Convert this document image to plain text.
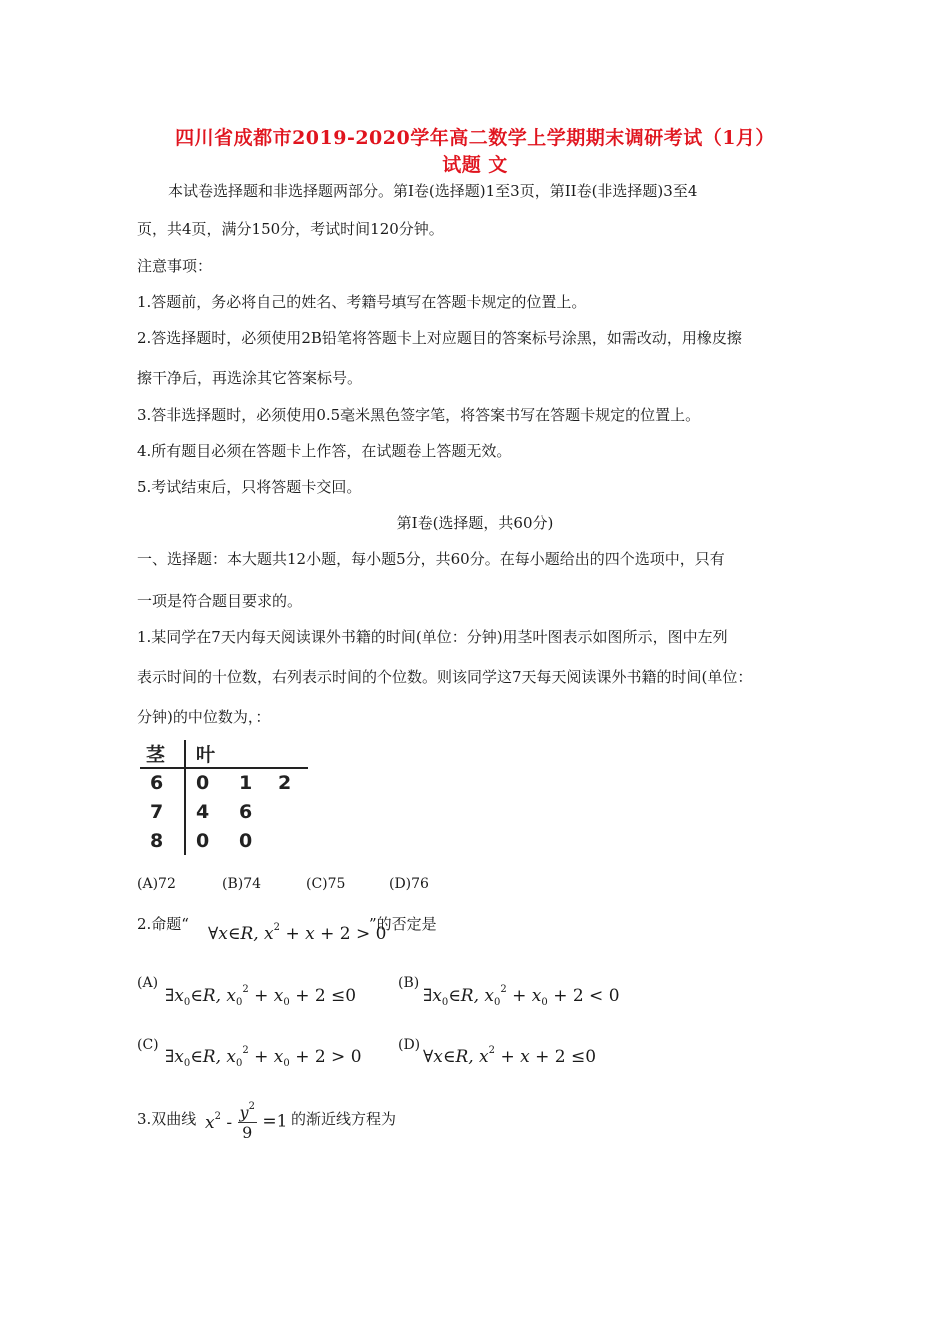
四川省成都市2019-2020学年高二数学上学期期末调研考试（1月）
试题 文
本试卷选择题和非选择题两部分。第Ⅰ卷(选择题)1至3页，第II卷(非选择题)3至4
页，共4页，满分150分，考试时间120分钟。
注意事项：
1.答题前，务必将自己的姓名、考籍号填写在答题卡规定的位置上。
2.答选择题时，必须使用2B铅笔将答题卡上对应题目的答案标号涂黑，如需改动，用橡皮擦
擦干净后，再选涂其它答案标号。
3.答非选择题时，必须使用0.5毫米黑色签字笔，将答案书写在答题卡规定的位置上。
4.所有题目必须在答题卡上作答，在试题卷上答题无效。
5.考试结束后，只将答题卡交回。
第Ⅰ卷(选择题，共60分)
一、选择题：本大题共12小题，每小题5分，共60分。在每小题给出的四个选项中，只有
一项是符合题目要求的。
1.某同学在7天内每天阅读课外书籍的时间(单位：分钟)用茎叶图表示如图所示，图中左列
表示时间的十位数，右列表示时间的个位数。则该同学这7天每天阅读课外书籍的时间(单位：
分钟)的中位数为，：
茎 叶
6 0 1 2
7 4 6
8 0 0
(A)72	(B)74	(C)75	(D)76
2.命题“ ∀x∈R, $x^2 + x + 2 > 0$
”的否定是
(A)
$\exists x_0\in R$, $x_0^2 + x_0 + 2 \le 0$
(B)
$\exists x_0\in R$, $x_0^2 + x_0 + 2 < 0$
(C)
$\exists x_0\in R$, $x_0^2 + x_0 + 2 > 0$
(D)
∀x∈R, $x^2 + x + 2 \le 0$
3.双曲线 $x^2 - \frac{y^2}{9} =1$ 的渐近线方程为
